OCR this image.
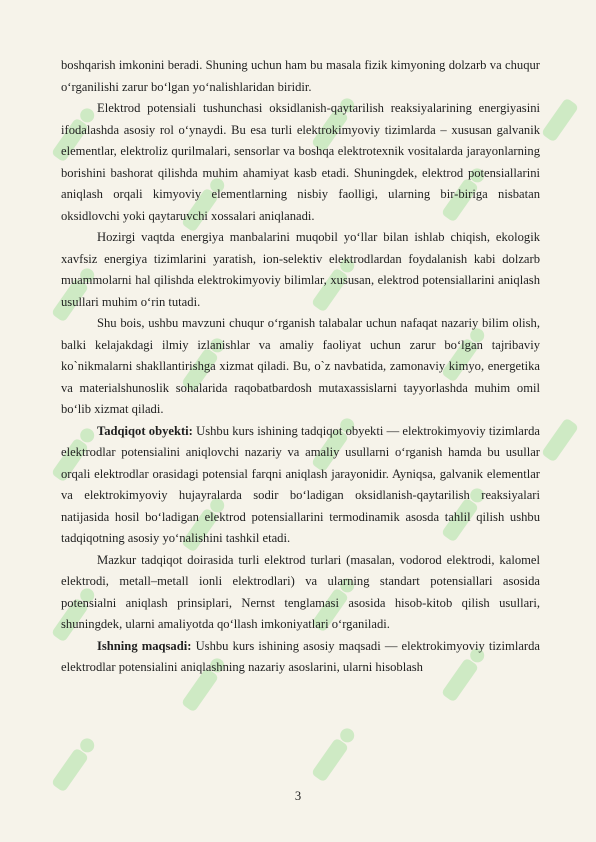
boshqarish imkonini beradi. Shuning uchun ham bu masala fizik kimyoning dolzarb va chuqur o‘rganilishi zarur bo‘lgan yo‘nalishlaridan biridir.

Elektrod potensiali tushunchasi oksidlanish-qaytarilish reaksiyalarining energiyasini ifodalashda asosiy rol o‘ynaydi. Bu esa turli elektrokimyoviy tizimlarda – xususan galvanik elementlar, elektroliz qurilmalari, sensorlar va boshqa elektrotexnik vositalarda jarayonlarning borishini bashorat qilishda muhim ahamiyat kasb etadi. Shuningdek, elektrod potensiallarini aniqlash orqali kimyoviy elementlarning nisbiy faolligi, ularning bir-biriga nisbatan oksidlovchi yoki qaytaruvchi xossalari aniqlanadi.

Hozirgi vaqtda energiya manbalarini muqobil yo‘llar bilan ishlab chiqish, ekologik xavfsiz energiya tizimlarini yaratish, ion-selektiv elektrodlardan foydalanish kabi dolzarb muammolarni hal qilishda elektrokimyoviy bilimlar, xususan, elektrod potensiallarini aniqlash usullari muhim o‘rin tutadi.

Shu bois, ushbu mavzuni chuqur o‘rganish talabalar uchun nafaqat nazariy bilim olish, balki kelajakdagi ilmiy izlanishlar va amaliy faoliyat uchun zarur bo‘lgan tajribaviy ko`nikmalarni shakllantirishga xizmat qiladi. Bu, o`z navbatida, zamonaviy kimyo, energetika va materialshunoslik sohalarida raqobatbardosh mutaxassislarni tayyorlashda muhim omil bo‘lib xizmat qiladi.

Tadqiqot obyekti: Ushbu kurs ishining tadqiqot obyekti — elektrokimyoviy tizimlarda elektrodlar potensialini aniqlovchi nazariy va amaliy usullarni o‘rganish hamda bu usullar orqali elektrodlar orasidagi potensial farqni aniqlash jarayonidir. Ayniqsa, galvanik elementlar va elektrokimyoviy hujayralarda sodir bo‘ladigan oksidlanish-qaytarilish reaksiyalari natijasida hosil bo‘ladigan elektrod potensiallarini termodinamik asosda tahlil qilish ushbu tadqiqotning asosiy yo‘nalishini tashkil etadi.

Mazkur tadqiqot doirasida turli elektrod turlari (masalan, vodorod elektrodi, kalomel elektrodi, metall–metall ionli elektrodlari) va ularning standart potensiallari asosida potensialni aniqlash prinsiplari, Nernst tenglamasi asosida hisob-kitob qilish usullari, shuningdek, ularni amaliyotda qo‘llash imkoniyatlari o‘rganiladi.

Ishning maqsadi: Ushbu kurs ishining asosiy maqsadi — elektrokimyoviy tizimlarda elektrodlar potensialini aniqlashning nazariy asoslarini, ularni hisoblash

3
